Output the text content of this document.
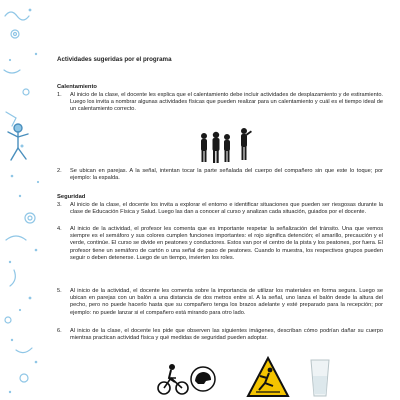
Actividades sugeridas por el programa
Calentamiento
1.	Al inicio de la clase, el docente les explica que el calentamiento debe incluir actividades de desplazamiento y de estiramiento. Luego los invita a nombrar algunas actividades físicas que pueden realizar para un calentamiento y cuál es el tiempo ideal de un calentamiento correcto.
2.	Se ubican en parejas. A la señal, intentan tocar la parte señalada del cuerpo del compañero sin que este lo toque; por ejemplo: la espalda.
Seguridad
3.	Al inicio de la clase, el docente los invita a explorar el entorno e identificar situaciones que pueden ser riesgosas durante la clase de Educación Física y Salud. Luego las dan a conocer al curso y analizan cada situación, guiados por el docente.
4.	Al inicio de la actividad, el profesor les comenta que es importante respetar la señalización del tránsito. Una que vemos siempre es el semáforo y sus colores cumplen funciones importantes: el rojo significa detención; el amarillo, precaución y el verde, continúe. El curso se divide en peatones y conductores. Estos van por el centro de la pista y los peatones, por fuera. El profesor tiene un semáforo de cartón o una señal de paso de peatones. Cuando lo muestra, los respectivos grupos pueden seguir o deben detenerse. Luego de un tiempo, invierten los roles.
5.	Al inicio de la actividad, el docente les comenta sobre la importancia de utilizar los materiales en forma segura. Luego se ubican en parejas con un balón a una distancia de dos metros entre sí. A la señal, uno lanza el balón desde la altura del pecho, pero no puede hacerlo hasta que su compañero tenga los brazos adelante y esté preparado para la recepción; por ejemplo: no puede lanzar si el compañero está mirando para otro lado.
6.	Al inicio de la clase, el docente les pide que observen las siguientes imágenes, describan cómo podrían dañar su cuerpo mientras practican actividad física y qué medidas de seguridad pueden adoptar.
